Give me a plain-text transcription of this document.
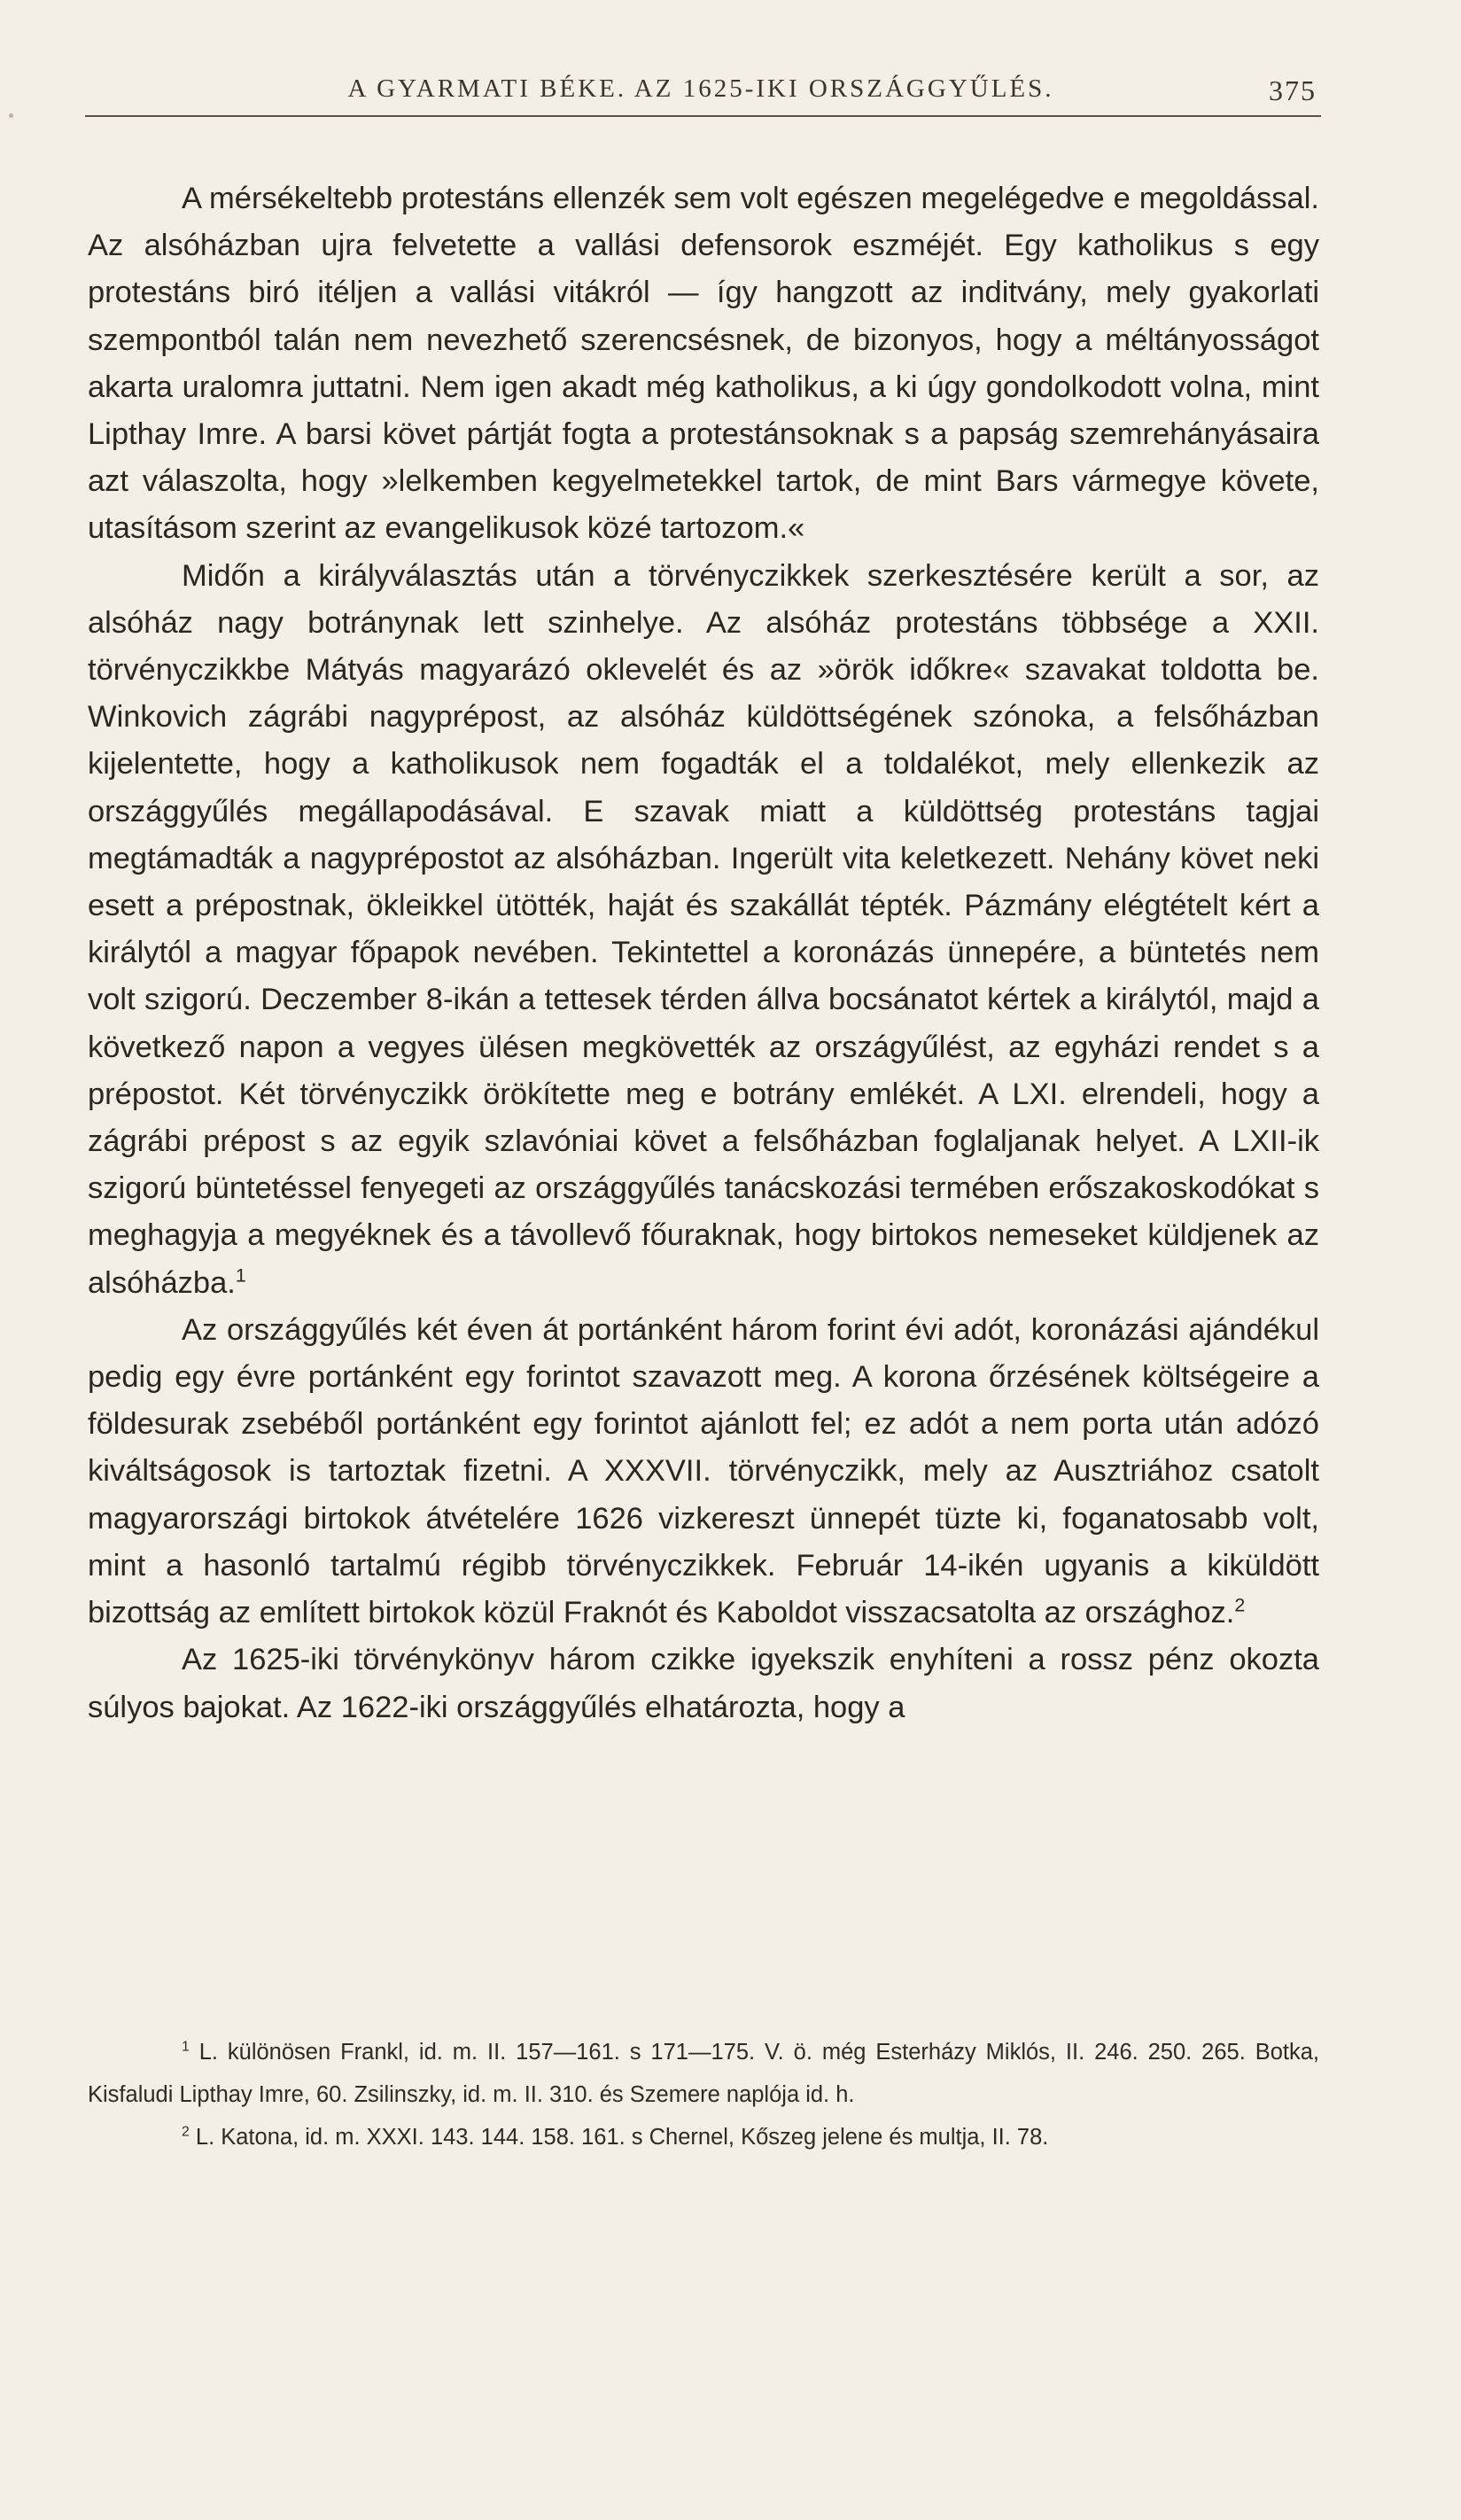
A GYARMATI BÉKE. AZ 1625-IKI ORSZÁGGYŰLÉS.	375

A mérsékeltebb protestáns ellenzék sem volt egészen megelégedve e megoldással. Az alsóházban ujra felvetette a vallási defensorok eszméjét. Egy katholikus s egy protestáns biró itéljen a vallási vitákról — így hangzott az inditvány, mely gyakorlati szempontból talán nem nevezhető szerencsésnek, de bizonyos, hogy a méltányosságot akarta uralomra juttatni. Nem igen akadt még katholikus, a ki úgy gondolkodott volna, mint Lipthay Imre. A barsi követ pártját fogta a protestánsoknak s a papság szemrehányásaira azt válaszolta, hogy »lelkemben kegyelmetekkel tartok, de mint Bars vármegye követe, utasításom szerint az evangelikusok közé tartozom.«

Midőn a királyválasztás után a törvényczikkek szerkesztésére került a sor, az alsóház nagy botránynak lett szinhelye. Az alsóház protestáns többsége a XXII. törvényczikkbe Mátyás magyarázó oklevelét és az »örök időkre« szavakat toldotta be. Winkovich zágrábi nagyprépost, az alsóház küldöttségének szónoka, a felsőházban kijelentette, hogy a katholikusok nem fogadták el a toldalékot, mely ellenkezik az országgyűlés megállapodásával. E szavak miatt a küldöttség protestáns tagjai megtámadták a nagyprépostot az alsóházban. Ingerült vita keletkezett. Nehány követ neki esett a prépostnak, ökleikkel ütötték, haját és szakállát tépték. Pázmány elégtételt kért a királytól a magyar főpapok nevében. Tekintettel a koronázás ünnepére, a büntetés nem volt szigorú. Deczember 8-ikán a tettesek térden állva bocsánatot kértek a királytól, majd a következő napon a vegyes ülésen megkövették az országyűlést, az egyházi rendet s a prépostot. Két törvényczikk örökítette meg e botrány emlékét. A LXI. elrendeli, hogy a zágrábi prépost s az egyik szlavóniai követ a felsőházban foglaljanak helyet. A LXII-ik szigorú büntetéssel fenyegeti az országgyűlés tanácskozási termében erőszakoskodókat s meghagyja a megyéknek és a távollevő főuraknak, hogy birtokos nemeseket küldjenek az alsóházba.$^1$

Az országgyűlés két éven át portánként három forint évi adót, koronázási ajándékul pedig egy évre portánként egy forintot szavazott meg. A korona őrzésének költségeire a földesurak zsebéből portánként egy forintot ajánlott fel; ez adót a nem porta után adózó kiváltságosok is tartoztak fizetni. A XXXVII. törvényczikk, mely az Ausztriához csatolt magyarországi birtokok átvételére 1626 vizkereszt ünnepét tüzte ki, foganatosabb volt, mint a hasonló tartalmú régibb törvényczikkek. Február 14-ikén ugyanis a kiküldött bizottság az említett birtokok közül Fraknót és Kaboldot visszacsatolta az országhoz.$^2$

Az 1625-iki törvénykönyv három czikke igyekszik enyhíteni a rossz pénz okozta súlyos bajokat. Az 1622-iki országgyűlés elhatározta, hogy a

$^1$ L. különösen Frankl, id. m. II. 157—161. s 171—175. V. ö. még Esterházy Miklós, II. 246. 250. 265. Botka, Kisfaludi Lipthay Imre, 60. Zsilinszky, id. m. II. 310. és Szemere naplója id. h.

$^2$ L. Katona, id. m. XXXI. 143. 144. 158. 161. s Chernel, Kőszeg jelene és multja, II. 78.
